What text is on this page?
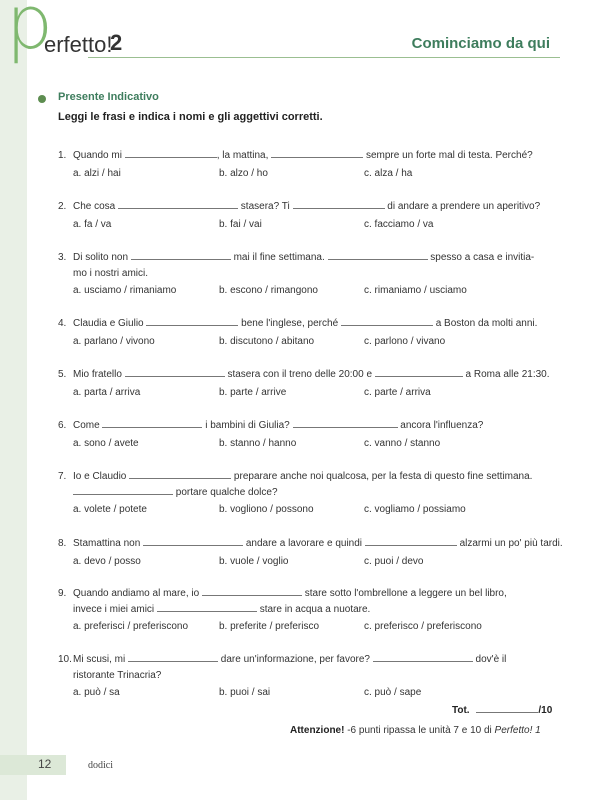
p
erfetto!
2	Cominciamo da qui
Presente Indicativo
Leggi le frasi e indica i nomi e gli aggettivi corretti.
1. Quando mi	, la mattina,	sempre un forte mal di testa. Perché?
a. alzi / hai	b. alzo / ho	c. alza / ha
2. Che cosa	stasera? Ti	di andare a prendere un aperitivo?
a. fa / va	b. fai / vai	c. facciamo / va
3. Di solito non	mai il fine settimana.	spesso a casa e invitia-
mo i nostri amici.
a. usciamo / rimaniamo	b. escono / rimangono	c. rimaniamo / usciamo
4. Claudia e Giulio	bene l'inglese, perché	a Boston da molti anni.
a. parlano / vivono	b. discutono / abitano	c. parlono / vivano
5. Mio fratello	stasera con il treno delle 20:00 e	a Roma alle 21:30.
a. parta / arriva	b. parte / arrive	c. parte / arriva
6. Come	i bambini di Giulia?	ancora l'influenza?
a. sono / avete	b. stanno / hanno	c. vanno / stanno
7. Io e Claudio	preparare anche noi qualcosa, per la festa di questo fine settimana.
portare qualche dolce?
a. volete / potete	b. vogliono / possono	c. vogliamo / possiamo
8. Stamattina non	andare a lavorare e quindi	alzarmi un po' più tardi.
a. devo / posso	b. vuole / voglio	c. puoi / devo
9. Quando andiamo al mare, io	stare sotto l'ombrellone a leggere un bel libro,
invece i miei amici	stare in acqua a nuotare.
a. preferisci / preferiscono	b. preferite / preferisco	c. preferisco / preferiscono
10.Mi scusi, mi	dare un'informazione, per favore?	dov'è il
ristorante Trinacria?
a. può / sa	b. puoi / sai	c. può / sape
Tot.	/10
Attenzione! -6 punti ripassa le unità 7 e 10 di Perfetto! 1
12	dodici
